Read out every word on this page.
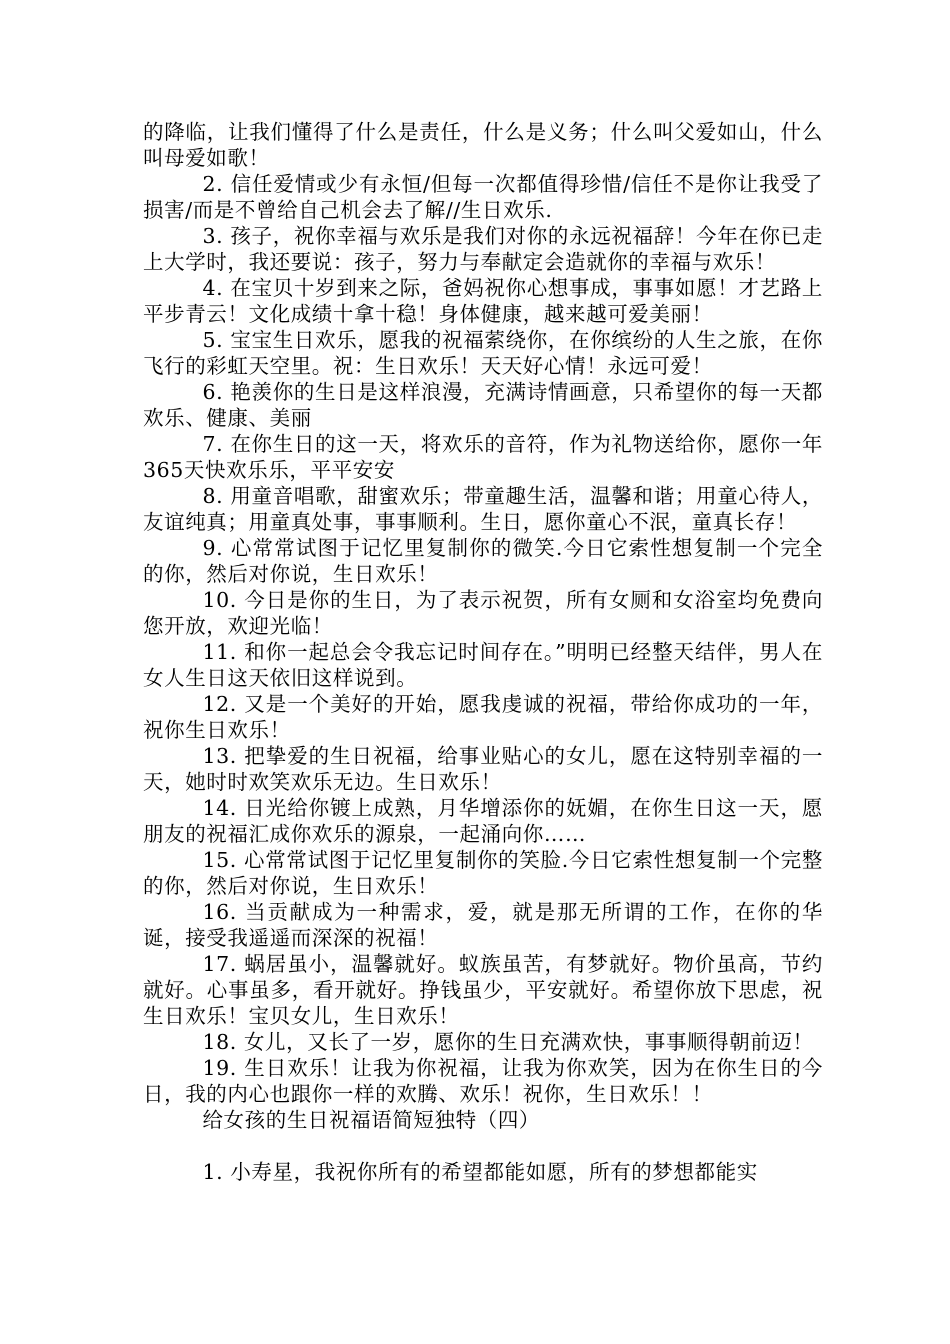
的降临，让我们懂得了什么是责任，什么是义务；什么叫父爱如山，什么叫母爱如歌！

2. 信任爱情或少有永恒/但每一次都值得珍惜/信任不是你让我受了损害/而是不曾给自己机会去了解//生日欢乐.

3. 孩子，祝你幸福与欢乐是我们对你的永远祝福辞！今年在你已走上大学时，我还要说：孩子，努力与奉献定会造就你的幸福与欢乐！

4. 在宝贝十岁到来之际，爸妈祝你心想事成，事事如愿！才艺路上平步青云！文化成绩十拿十稳！身体健康，越来越可爱美丽！

5. 宝宝生日欢乐，愿我的祝福萦绕你，在你缤纷的人生之旅，在你飞行的彩虹天空里。祝：生日欢乐！天天好心情！永远可爱！

6. 艳羡你的生日是这样浪漫，充满诗情画意，只希望你的每一天都欢乐、健康、美丽

7. 在你生日的这一天，将欢乐的音符，作为礼物送给你，愿你一年365天快欢乐乐，平平安安

8. 用童音唱歌，甜蜜欢乐；带童趣生活，温馨和谐；用童心待人，友谊纯真；用童真处事，事事顺利。生日，愿你童心不泯，童真长存！

9. 心常常试图于记忆里复制你的微笑.今日它索性想复制一个完全的你，然后对你说，生日欢乐！

10. 今日是你的生日，为了表示祝贺，所有女厕和女浴室均免费向您开放，欢迎光临！

11. 和你一起总会令我忘记时间存在。”明明已经整天结伴，男人在女人生日这天依旧这样说到。

12. 又是一个美好的开始，愿我虔诚的祝福，带给你成功的一年，祝你生日欢乐！

13. 把挚爱的生日祝福，给事业贴心的女儿，愿在这特别幸福的一天，她时时欢笑欢乐无边。生日欢乐！

14. 日光给你镀上成熟，月华增添你的妩媚，在你生日这一天，愿朋友的祝福汇成你欢乐的源泉，一起涌向你……

15. 心常常试图于记忆里复制你的笑脸.今日它索性想复制一个完整的你，然后对你说，生日欢乐！

16. 当贡献成为一种需求，爱，就是那无所谓的工作，在你的华诞，接受我遥遥而深深的祝福！

17. 蜗居虽小，温馨就好。蚁族虽苦，有梦就好。物价虽高，节约就好。心事虽多，看开就好。挣钱虽少，平安就好。希望你放下思虑，祝生日欢乐！宝贝女儿，生日欢乐！

18. 女儿，又长了一岁，愿你的生日充满欢快，事事顺得朝前迈！

19. 生日欢乐！让我为你祝福，让我为你欢笑，因为在你生日的今日，我的内心也跟你一样的欢腾、欢乐！祝你，生日欢乐！！

给女孩的生日祝福语简短独特（四）

1. 小寿星，我祝你所有的希望都能如愿，所有的梦想都能实
